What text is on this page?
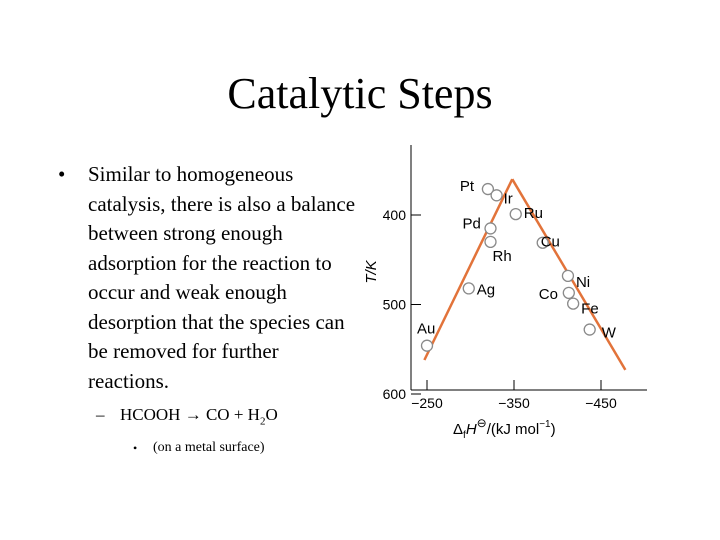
Catalytic Steps
• Similar to homogeneous catalysis, there is also a balance between strong enough adsorption for the reaction to occur and weak enough desorption that the species can be removed for further reactions.
– HCOOH → CO + $H_2O$
• (on a metal surface)
400
500
600
−250	−350	−450
Au
Ag
Pd
Rh
Pt
Ir
Ru
Cu
Ni
Co
Fe
W
T/K
$\Delta_fH^⊖/(kJ$ mol$^{-1}$)
